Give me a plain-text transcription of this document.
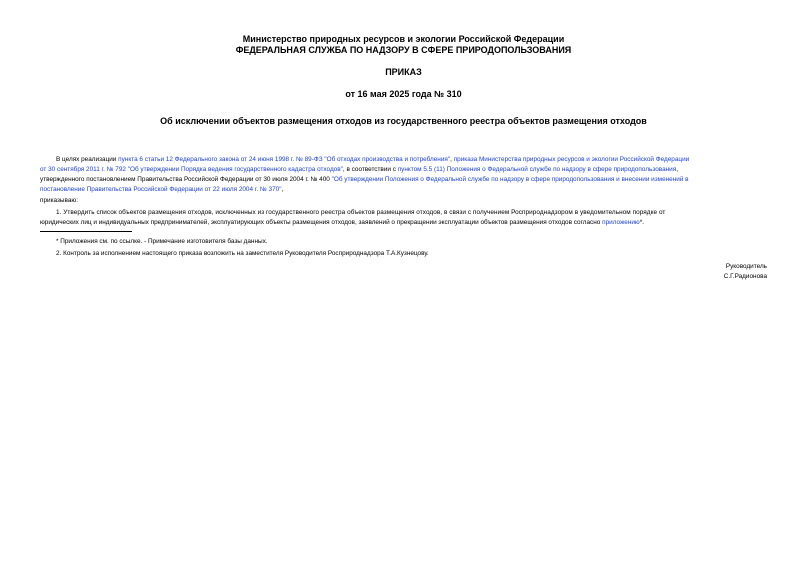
Министерство природных ресурсов и экологии Российской Федерации
ФЕДЕРАЛЬНАЯ СЛУЖБА ПО НАДЗОРУ В СФЕРЕ ПРИРОДОПОЛЬЗОВАНИЯ
ПРИКАЗ
от 16 мая 2025 года № 310
Об исключении объектов размещения отходов из государственного реестра объектов размещения отходов
В целях реализации пункта 6 статьи 12 Федерального закона от 24 июня 1998 г. № 89-ФЗ "Об отходах производства и потребления", приказа Министерства природных ресурсов и экологии Российской Федерации
от 30 сентября 2011 г. № 792 "Об утверждении Порядка ведения государственного кадастра отходов", в соответствии с пунктом 5.5 (11) Положения о Федеральной службе по надзору в сфере природопользования,
утвержденного постановлением Правительства Российской Федерации от 30 июля 2004 г. № 400 "Об утверждении Положения о Федеральной службе по надзору в сфере природопользования и внесении изменений в
постановление Правительства Российской Федерации от 22 июля 2004 г. № 370",
приказываю:
1. Утвердить список объектов размещения отходов, исключенных из государственного реестра объектов размещения отходов, в связи с получением Росприроднадзором в уведомительном порядке от
юридических лиц и индивидуальных предпринимателей, эксплуатирующих объекты размещения отходов, заявлений о прекращении эксплуатации объектов размещения отходов согласно приложению*.
* Приложения см. по ссылке. - Примечание изготовителя базы данных.
2. Контроль за исполнением настоящего приказа возложить на заместителя Руководителя Росприроднадзора Т.А.Кузнецову.
Руководитель
С.Г.Радионова
